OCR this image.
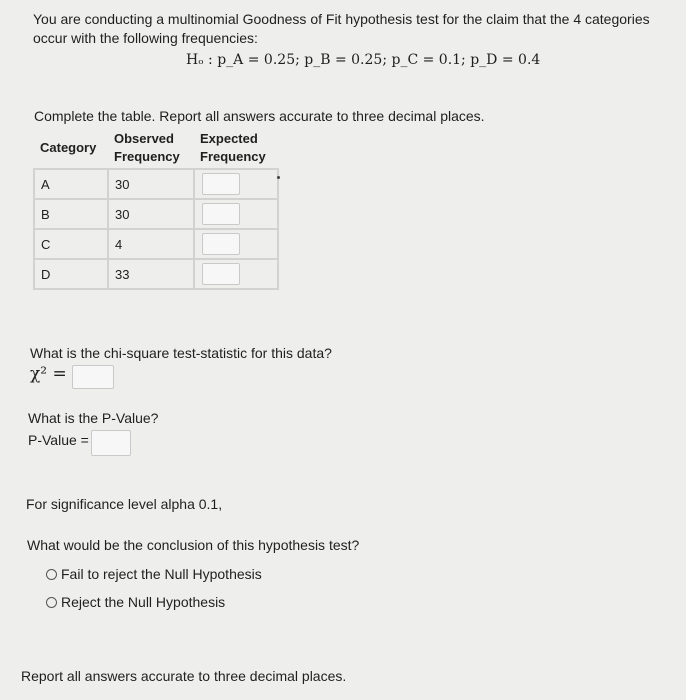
You are conducting a multinomial Goodness of Fit hypothesis test for the claim that the 4 categories occur with the following frequencies:
Hₒ : p_A = 0.25; p_B = 0.25; p_C = 0.1; p_D = 0.4
Complete the table. Report all answers accurate to three decimal places.
Category	Observed Frequency	Expected Frequency
A	30	

B	30	

C	4	

D	33	
What is the chi-square test-statistic for this data?
χ² =
What is the P-Value?
P-Value =
For significance level alpha 0.1,
What would be the conclusion of this hypothesis test?
Fail to reject the Null Hypothesis
Reject the Null Hypothesis
Report all answers accurate to three decimal places.
